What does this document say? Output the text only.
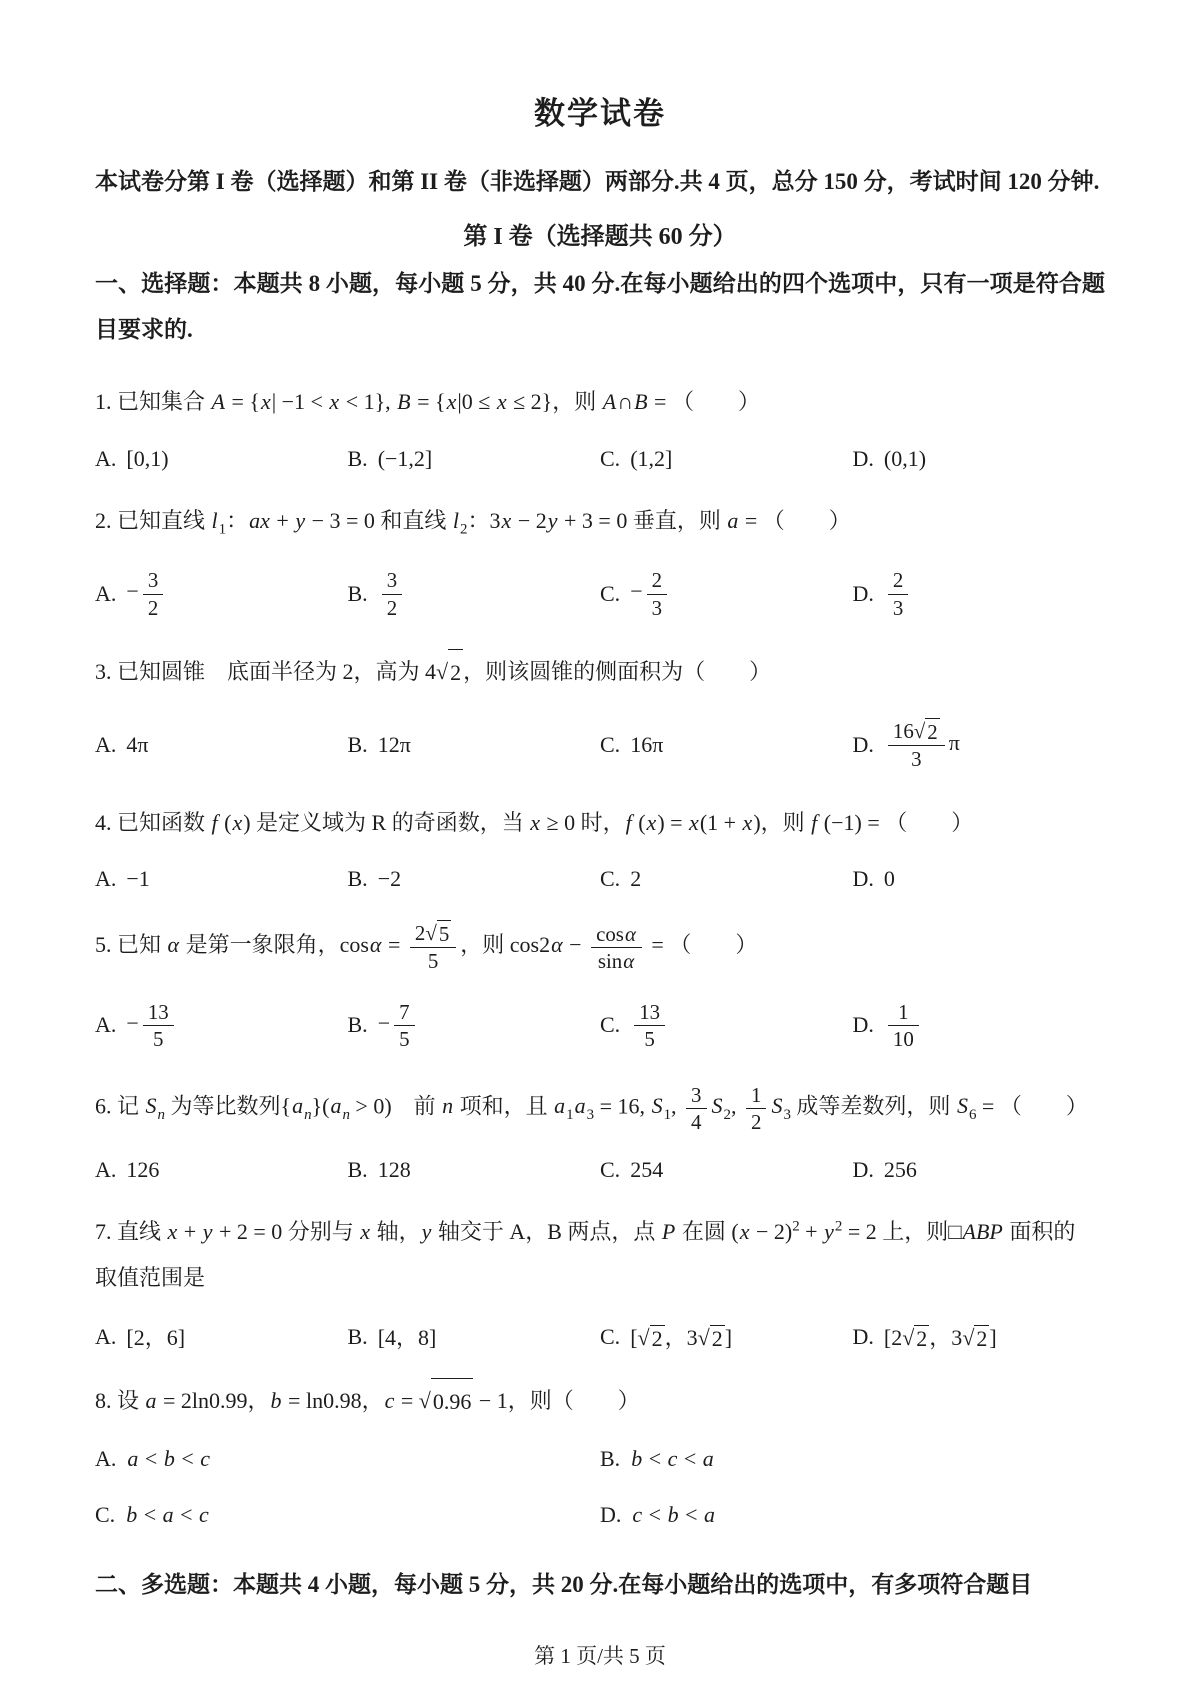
数学试卷

本试卷分第 I 卷（选择题）和第 II 卷（非选择题）两部分.共 4 页，总分 150 分，考试时间 120 分钟.

第 I 卷（选择题共 60 分）

一、选择题：本题共 8 小题，每小题 5 分，共 40 分.在每小题给出的四个选项中，只有一项是符合题目要求的.

1. 已知集合 A = {x| −1 < x < 1}, B = {x|0 ≤ x ≤ 2}，则 A∩B = （　　）

A. [0,1)	B. (−1,2]	C. (1,2]	D. (0,1)

2. 已知直线 $l_1$：ax + y − 3 = 0 和直线 $l_2$：3x − 2y + 3 = 0 垂直，则 a = （　　）

A. − $\frac{3}{2}$	B. $\frac{3}{2}$	C. − $\frac{2}{3}$	D. $\frac{2}{3}$

3. 已知圆锥　底面半径为 2，高为 4 √ 2 ，则该圆锥的侧面积为（　　）

A. 4π	B. 12π	C. 16π	D. $\frac{16 √ 2}{3}$ π

4. 已知函数 f (x) 是定义域为 R 的奇函数，当 x ≥ 0 时，f (x) = x(1 + x)，则 f (−1) = （　　）

A. −1	B. −2	C. 2	D. 0

5. 已知 α 是第一象限角，$\cos\alpha = \frac{2 √ 5}{5}$ ，则 $\cos 2\alpha - \frac{\cos\alpha}{\sin\alpha}$ = （　　）

A. − $\frac{13}{5}$	B. − $\frac{7}{5}$	C. $\frac{13}{5}$	D. $\frac{1}{10}$

6. 记 $S_n$ 为等比数列$\{a_n\}(a_n > 0)$　前 n 项和，且 $a_1a_3 = 16$, $S_1$, $\frac{3}{4} S_2$, $\frac{1}{2} S_3$ 成等差数列，则 $S_6$ = （　　）

A. 126	B. 128	C. 254	D. 256

7. 直线 x + y + 2 = 0 分别与 x 轴，y 轴交于 A，B 两点，点 P 在圆 $(x - 2)^2 + y^2 = 2$ 上，则□ABP 面积的
取值范围是

A. [2，6]	B. [4，8]	C. [ √ 2 ，3 √ 2 ]	D. [2 √ 2 ，3 √ 2 ]

8. 设 a = 2ln0.99，b = ln0.98，c = √ 0.96 − 1，则（　　）

A. a < b < c	B. b < c < a
C. b < a < c	D. c < b < a

二、多选题：本题共 4 小题，每小题 5 分，共 20 分.在每小题给出的选项中，有多项符合题目

第 1 页/共 5 页
